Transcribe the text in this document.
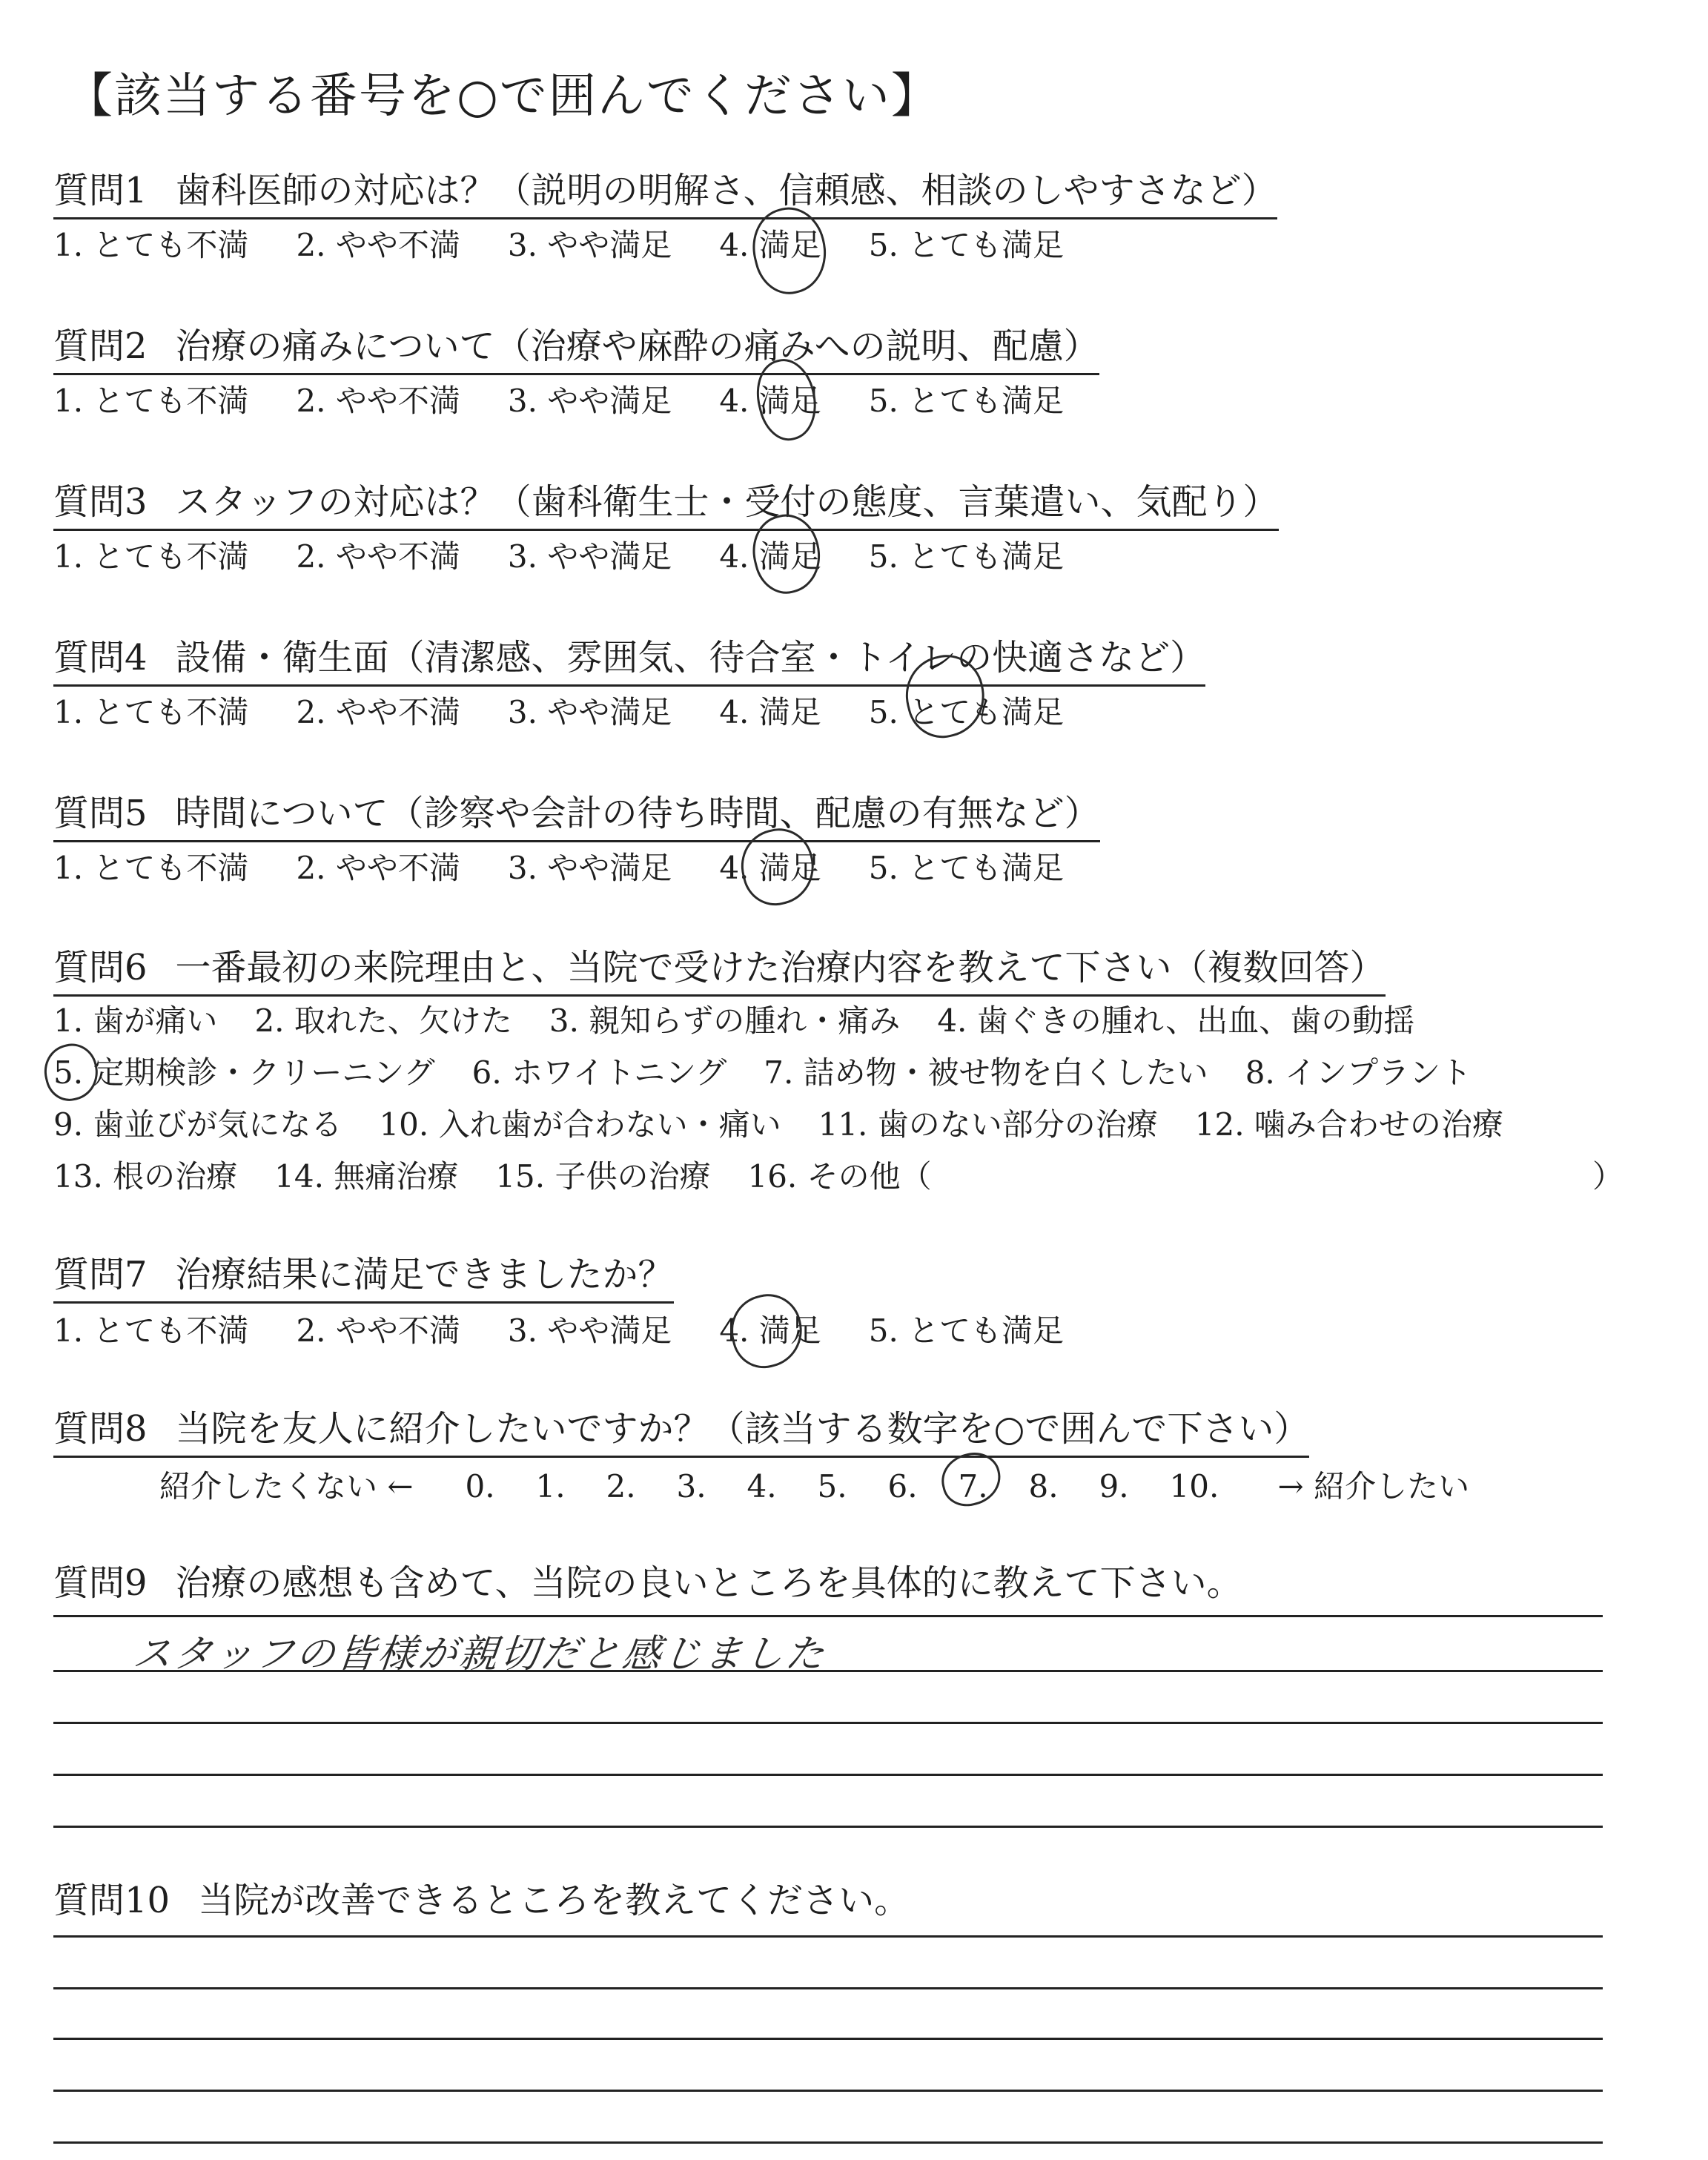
【該当する番号を○で囲んでください】
質問1 歯科医師の対応は？（説明の明解さ、信頼感、相談のしやすさなど）
1. とても不満 2. やや不満 3. やや満足 4. 満足 5. とても満足
質問2 治療の痛みについて（治療や麻酔の痛みへの説明、配慮）
1. とても不満 2. やや不満 3. やや満足 4. 満足 5. とても満足
質問3 スタッフの対応は？（歯科衛生士・受付の態度、言葉遣い、気配り）
1. とても不満 2. やや不満 3. やや満足 4. 満足 5. とても満足
質問4 設備・衛生面（清潔感、雰囲気、待合室・トイレの快適さなど）
1. とても不満 2. やや不満 3. やや満足 4. 満足 5. とても満足
質問5 時間について（診察や会計の待ち時間、配慮の有無など）
1. とても不満 2. やや不満 3. やや満足 4. 満足 5. とても満足
質問6 一番最初の来院理由と、当院で受けた治療内容を教えて下さい（複数回答）
1. 歯が痛い 2. 取れた、欠けた 3. 親知らずの腫れ・痛み 4. 歯ぐきの腫れ、出血、歯の動揺
5. 定期検診・クリーニング 6. ホワイトニング 7. 詰め物・被せ物を白くしたい 8. インプラント
9. 歯並びが気になる 10. 入れ歯が合わない・痛い 11. 歯のない部分の治療 12. 噛み合わせの治療
13. 根の治療 14. 無痛治療 15. 子供の治療 16. その他（	）
質問7 治療結果に満足できましたか？
1. とても不満 2. やや不満 3. やや満足 4. 満足 5. とても満足
質問8 当院を友人に紹介したいですか？（該当する数字を○で囲んで下さい）
紹介したくない ← 0.	1.	2.	3.	4.	5.	6.	7.	8.	9.	10.	→ 紹介したい
質問9 治療の感想も含めて、当院の良いところを具体的に教えて下さい。
スタッフの皆様が親切だと感じました
質問10 当院が改善できるところを教えてください。
